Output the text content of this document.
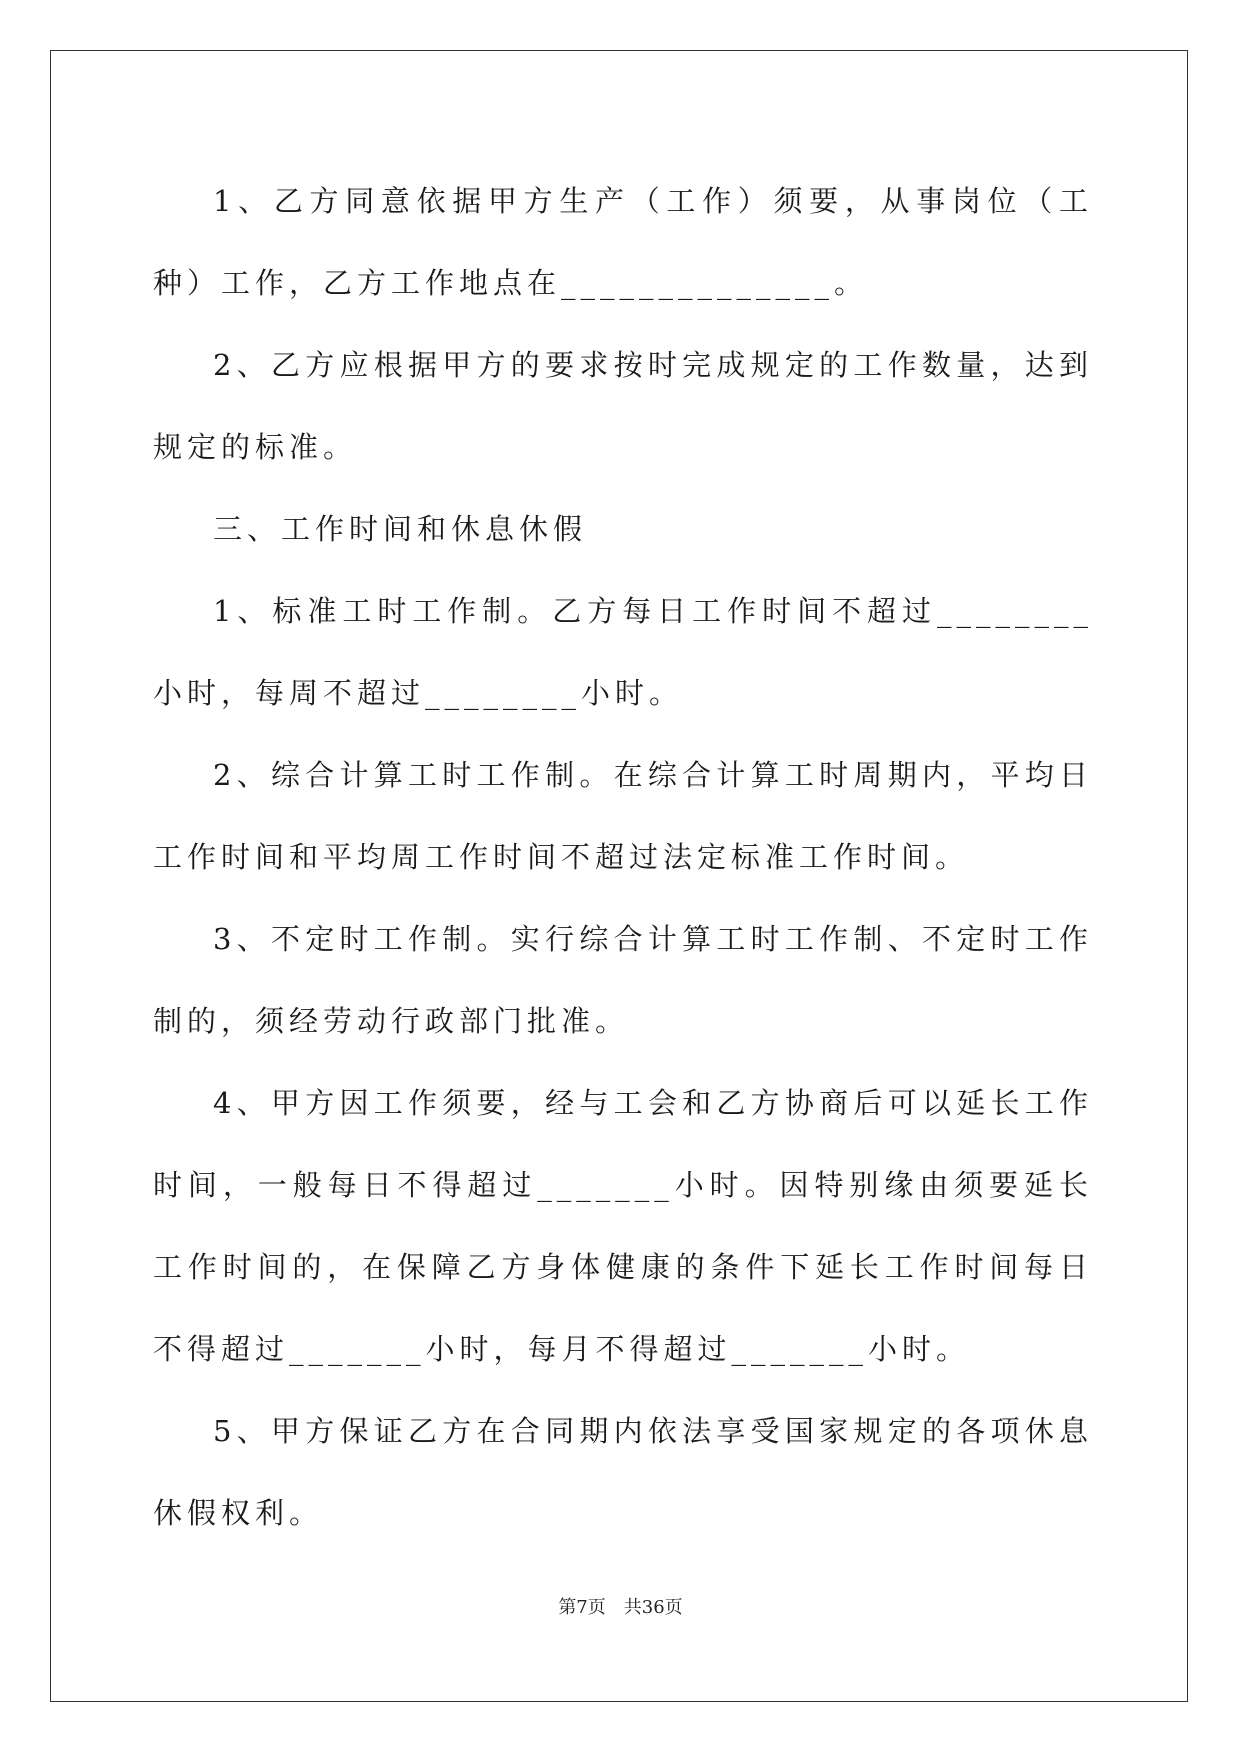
1、乙方同意依据甲方生产（工作）须要，从事岗位（工种）工作，乙方工作地点在______________。

2、乙方应根据甲方的要求按时完成规定的工作数量，达到规定的标准。

三、工作时间和休息休假

1、标准工时工作制。乙方每日工作时间不超过________小时，每周不超过________小时。

2、综合计算工时工作制。在综合计算工时周期内，平均日工作时间和平均周工作时间不超过法定标准工作时间。

3、不定时工作制。实行综合计算工时工作制、不定时工作制的，须经劳动行政部门批准。

4、甲方因工作须要，经与工会和乙方协商后可以延长工作时间，一般每日不得超过_______小时。因特别缘由须要延长工作时间的，在保障乙方身体健康的条件下延长工作时间每日不得超过_______小时，每月不得超过_______小时。

5、甲方保证乙方在合同期内依法享受国家规定的各项休息休假权利。

第7页　共36页
